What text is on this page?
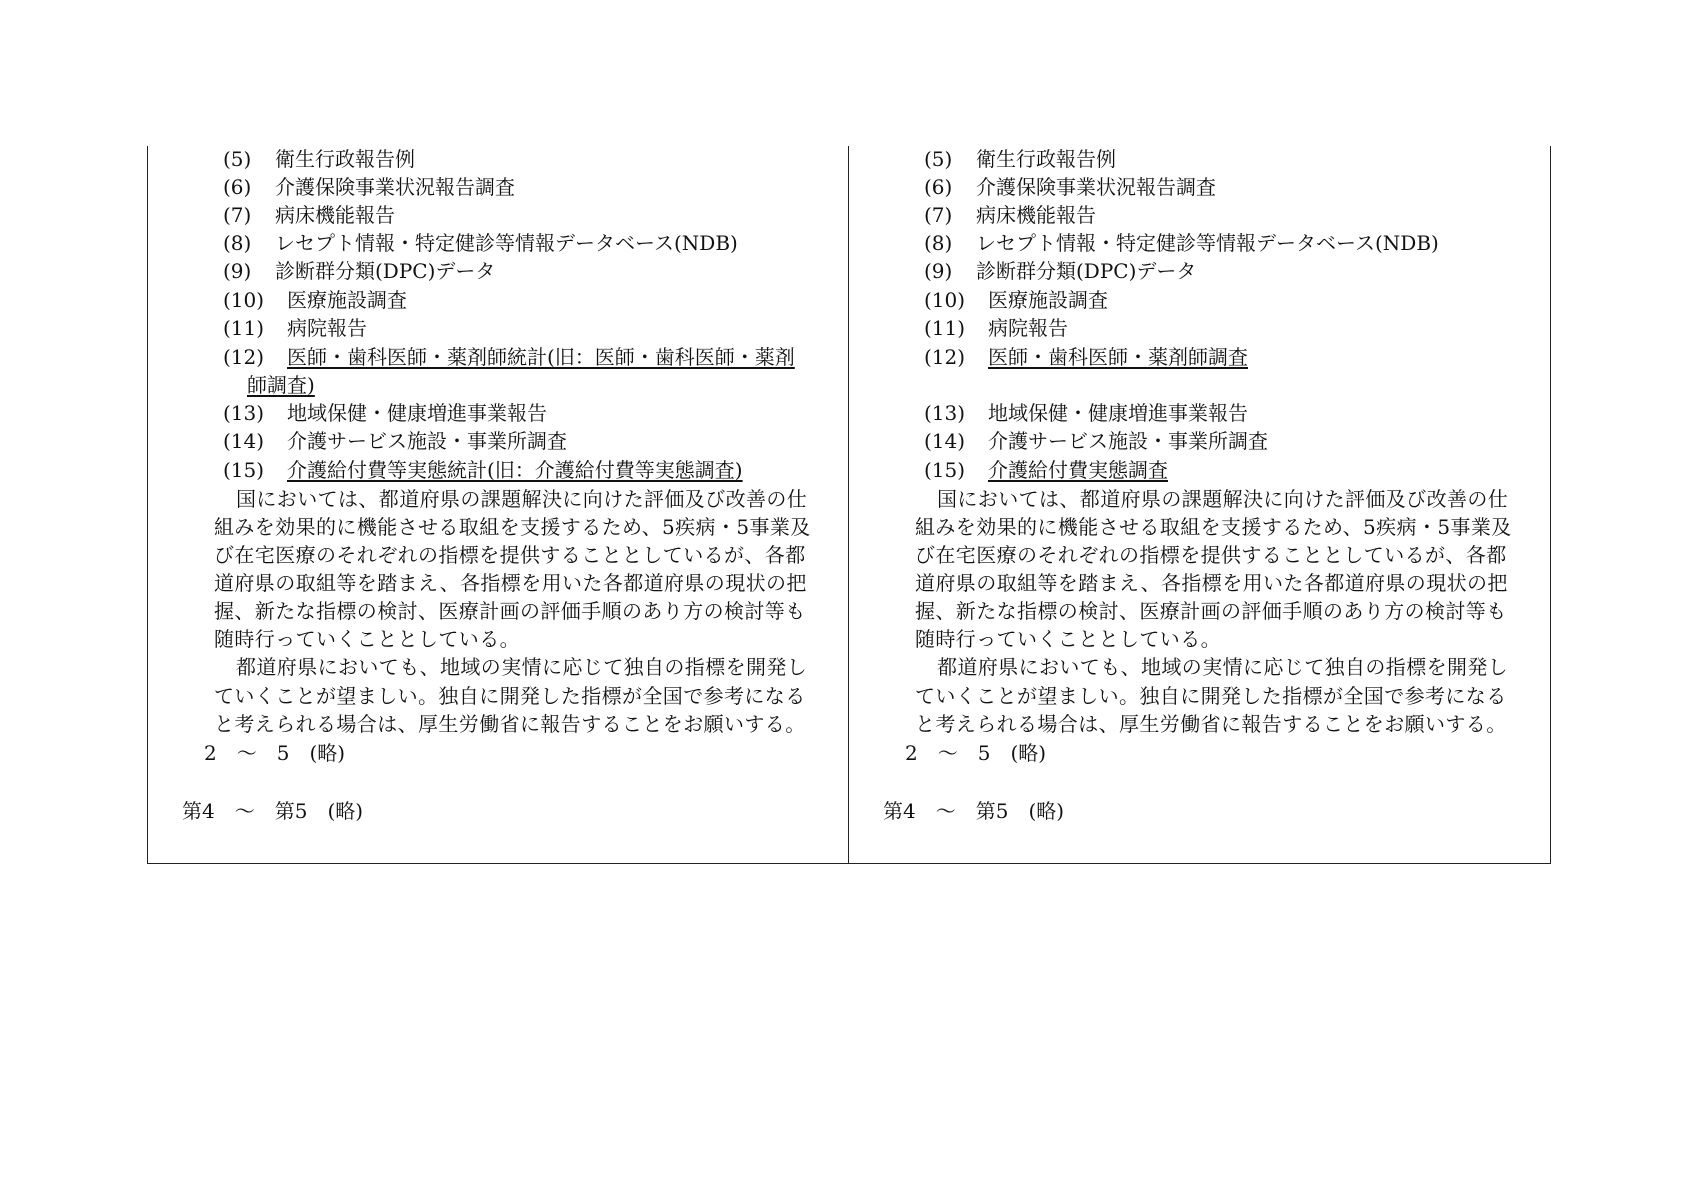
(5) 衛生行政報告例
(6) 介護保険事業状況報告調査
(7) 病床機能報告
(8) レセプト情報・特定健診等情報データベース(NDB)
(9) 診断群分類(DPC)データ
(10) 医療施設調査
(11) 病院報告
(12) 医師・歯科医師・薬剤師統計(旧：医師・歯科医師・薬剤
師調査)
(13) 地域保健・健康増進事業報告
(14) 介護サービス施設・事業所調査
(15) 介護給付費等実態統計(旧：介護給付費等実態調査)
国においては、都道府県の課題解決に向けた評価及び改善の仕
組みを効果的に機能させる取組を支援するため、5疾病・5事業及
び在宅医療のそれぞれの指標を提供することとしているが、各都
道府県の取組等を踏まえ、各指標を用いた各都道府県の現状の把
握、新たな指標の検討、医療計画の評価手順のあり方の検討等も
随時行っていくこととしている。
都道府県においても、地域の実情に応じて独自の指標を開発し
ていくことが望ましい。独自に開発した指標が全国で参考になる
と考えられる場合は、厚生労働省に報告することをお願いする。
2　～　5　(略)
第4　～　第5　(略)
(5) 衛生行政報告例
(6) 介護保険事業状況報告調査
(7) 病床機能報告
(8) レセプト情報・特定健診等情報データベース(NDB)
(9) 診断群分類(DPC)データ
(10) 医療施設調査
(11) 病院報告
(12) 医師・歯科医師・薬剤師調査
(13) 地域保健・健康増進事業報告
(14) 介護サービス施設・事業所調査
(15) 介護給付費実態調査
国においては、都道府県の課題解決に向けた評価及び改善の仕
組みを効果的に機能させる取組を支援するため、5疾病・5事業及
び在宅医療のそれぞれの指標を提供することとしているが、各都
道府県の取組等を踏まえ、各指標を用いた各都道府県の現状の把
握、新たな指標の検討、医療計画の評価手順のあり方の検討等も
随時行っていくこととしている。
都道府県においても、地域の実情に応じて独自の指標を開発し
ていくことが望ましい。独自に開発した指標が全国で参考になる
と考えられる場合は、厚生労働省に報告することをお願いする。
2　～　5　(略)
第4　～　第5　(略)
